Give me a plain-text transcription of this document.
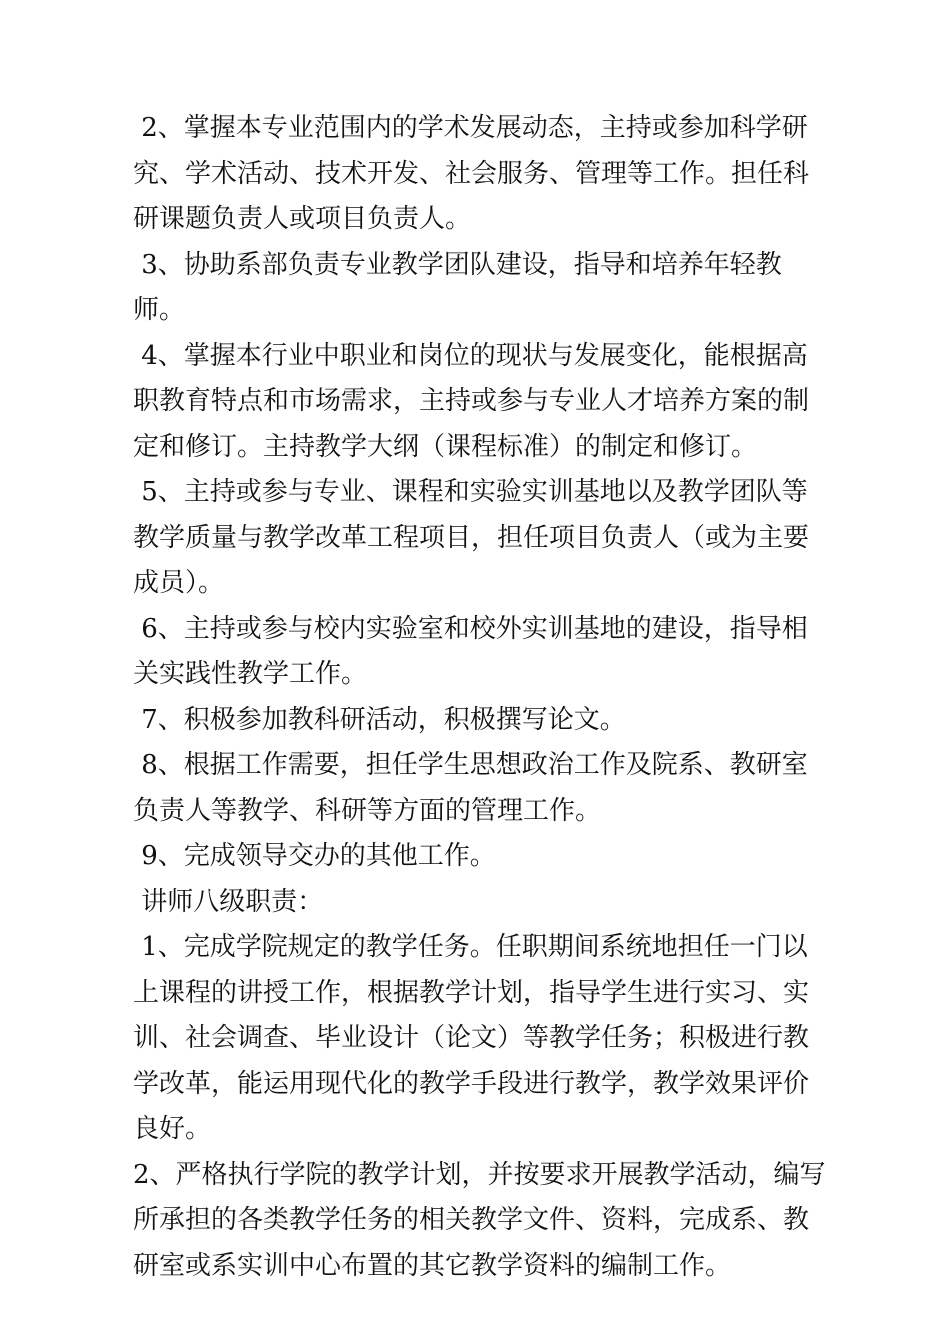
2、掌握本专业范围内的学术发展动态，主持或参加科学研究、学术活动、技术开发、社会服务、管理等工作。担任科研课题负责人或项目负责人。

3、协助系部负责专业教学团队建设，指导和培养年轻教师。

4、掌握本行业中职业和岗位的现状与发展变化，能根据高职教育特点和市场需求，主持或参与专业人才培养方案的制定和修订。主持教学大纲（课程标准）的制定和修订。

5、主持或参与专业、课程和实验实训基地以及教学团队等教学质量与教学改革工程项目，担任项目负责人（或为主要成员）。

6、主持或参与校内实验室和校外实训基地的建设，指导相关实践性教学工作。

7、积极参加教科研活动，积极撰写论文。

8、根据工作需要，担任学生思想政治工作及院系、教研室负责人等教学、科研等方面的管理工作。

9、完成领导交办的其他工作。

讲师八级职责：

1、完成学院规定的教学任务。任职期间系统地担任一门以上课程的讲授工作，根据教学计划，指导学生进行实习、实训、社会调查、毕业设计（论文）等教学任务；积极进行教学改革，能运用现代化的教学手段进行教学，教学效果评价良好。

2、严格执行学院的教学计划，并按要求开展教学活动，编写所承担的各类教学任务的相关教学文件、资料，完成系、教研室或系实训中心布置的其它教学资料的编制工作。
